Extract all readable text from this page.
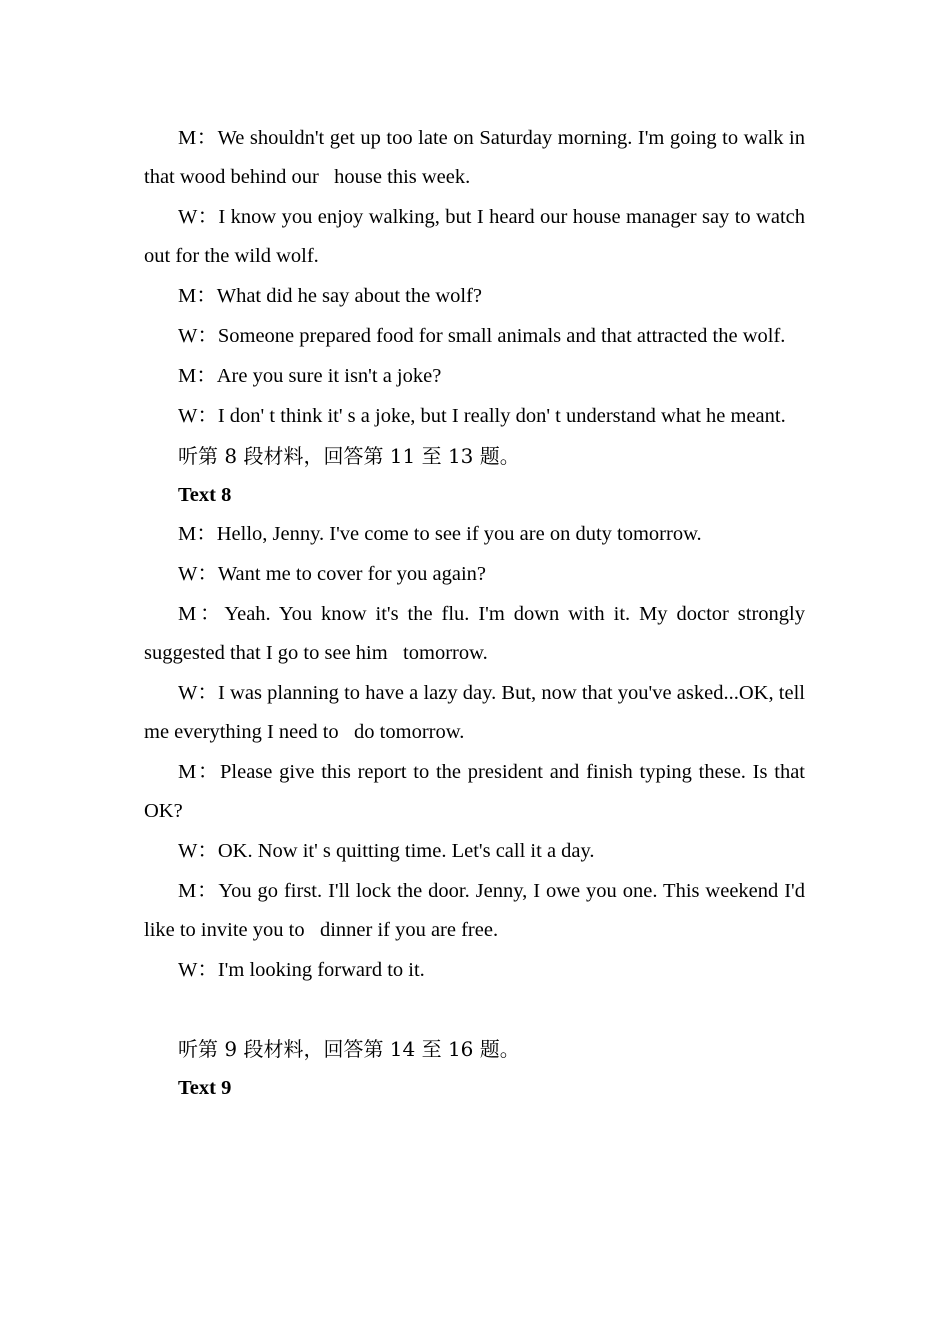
M：We shouldn't get up too late on Saturday morning. I'm going to walk in that wood behind our   house this week.

W：I know you enjoy walking, but I heard our house manager say to watch out for the wild wolf.

M：What did he say about the wolf?

W：Someone prepared food for small animals and that attracted the wolf.

M：Are you sure it isn't a joke?

W：I don' t think it' s a joke, but I really don' t understand what he meant.

听第 8 段材料，回答第 11 至 13 题。

Text 8

M：Hello, Jenny. I've come to see if you are on duty tomorrow.

W：Want me to cover for you again?

M：Yeah. You know it's the flu. I'm down with it. My doctor strongly suggested that I go to see him   tomorrow.

W：I was planning to have a lazy day. But, now that you've asked...OK, tell me everything I need to   do tomorrow.

M：Please give this report to the president and finish typing these. Is that OK?

W：OK. Now it' s quitting time. Let's call it a day.

M：You go first. I'll lock the door. Jenny, I owe you one. This weekend I'd like to invite you to   dinner if you are free.

W：I'm looking forward to it.

听第 9 段材料，回答第 14 至 16 题。

Text 9
